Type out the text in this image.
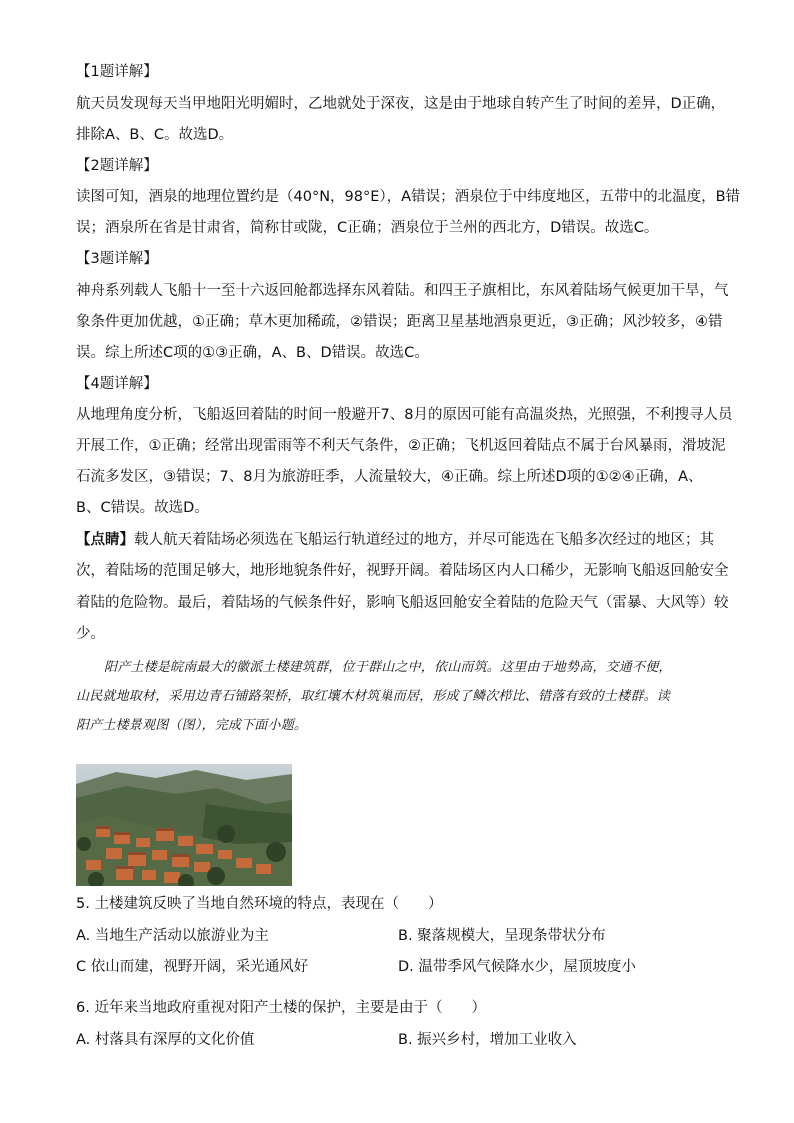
【1题详解】
航天员发现每天当甲地阳光明媚时，乙地就处于深夜，这是由于地球自转产生了时间的差异，D正确，
排除A、B、C。故选D。
【2题详解】
读图可知，酒泉的地理位置约是（40°N，98°E），A错误；酒泉位于中纬度地区，五带中的北温度，B错
误；酒泉所在省是甘肃省，简称甘或陇，C正确；酒泉位于兰州的西北方，D错误。故选C。
【3题详解】
神舟系列载人飞船十一至十六返回舱都选择东风着陆。和四王子旗相比，东风着陆场气候更加干旱，气
象条件更加优越，①正确；草木更加稀疏，②错误；距离卫星基地酒泉更近，③正确；风沙较多，④错
误。综上所述C项的①③正确，A、B、D错误。故选C。
【4题详解】
从地理角度分析，飞船返回着陆的时间一般避开7、8月的原因可能有高温炎热，光照强，不利搜寻人员
开展工作，①正确；经常出现雷雨等不利天气条件，②正确；飞机返回着陆点不属于台风暴雨，滑坡泥
石流多发区，③错误；7、8月为旅游旺季，人流量较大，④正确。综上所述D项的①②④正确，A、
B、C错误。故选D。
【点睛】载人航天着陆场必须选在飞船运行轨道经过的地方，并尽可能选在飞船多次经过的地区；其
次，着陆场的范围足够大，地形地貌条件好，视野开阔。着陆场区内人口稀少，无影响飞船返回舱安全
着陆的危险物。最后，着陆场的气候条件好，影响飞船返回舱安全着陆的危险天气（雷暴、大风等）较
少。
阳产土楼是皖南最大的徽派土楼建筑群，位于群山之中，依山而筑。这里由于地势高，交通不便，
山民就地取材，采用边青石铺路架桥，取红壤木材筑巢而居，形成了鳞次栉比、错落有致的土楼群。读
阳产土楼景观图（图），完成下面小题。
5. 土楼建筑反映了当地自然环境的特点，表现在（　　）
A. 当地生产活动以旅游业为主	B. 聚落规模大，呈现条带状分布
C 依山而建，视野开阔，采光通风好	D. 温带季风气候降水少，屋顶坡度小
6. 近年来当地政府重视对阳产土楼的保护，主要是由于（　　）
A. 村落具有深厚的文化价值	B. 振兴乡村，增加工业收入
